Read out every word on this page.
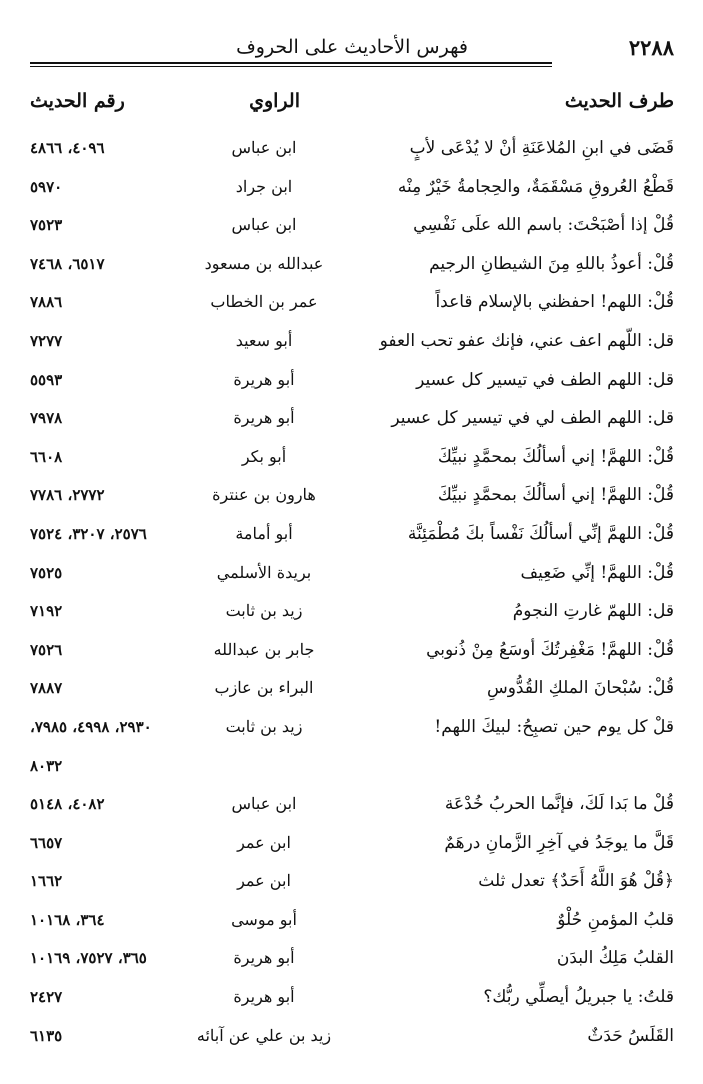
٢٢٨٨
فهرس الأحاديث على الحروف
طرف الحديث
الراوي
رقم الحديث
قَضَى في ابنِ المُلاعَنَةِ أنْ لا يُدْعَى لأبٍ
ابن عباس
٤٠٩٦، ٤٨٦٦
قَطْعُ العُروقِ مَسْقَمَةٌ، والحِجامةُ خَيْرٌ مِنْه
ابن جراد
٥٩٧٠
قُلْ إذا أصْبَحْتَ: باسم الله علَى نَفْسِي
ابن عباس
٧٥٢٣
قُلْ: أعوذُ باللهِ مِنَ الشيطانِ الرجيم
عبدالله بن مسعود
٦٥١٧، ٧٤٦٨
قُلْ: اللهم! احفظني بالإسلام قاعداً
عمر بن الخطاب
٧٨٨٦
قل: اللّهم اعف عني، فإنك عفو تحب العفو
أبو سعيد
٧٢٧٧
قل: اللهم الطف في تيسير كل عسير
أبو هريرة
٥٥٩٣
قل: اللهم الطف لي في تيسير كل عسير
أبو هريرة
٧٩٧٨
قُلْ: اللهمَّ! إني أسألُكَ بمحمَّدٍ نبيِّكَ
أبو بكر
٦٦٠٨
قُلْ: اللهمَّ! إني أسألُكَ بمحمَّدٍ نبيِّكَ
هارون بن عنترة
٢٧٧٢، ٧٧٨٦
قُلْ: اللهمَّ إنِّي أسألُكَ نَفْساً بكَ مُطْمَئِنَّة
أبو أمامة
٢٥٧٦، ٣٢٠٧، ٧٥٢٤
قُلْ: اللهمَّ! إنِّي ضَعِيف
بريدة الأسلمي
٧٥٢٥
قل: اللهمّ غارتِ النجومُ
زيد بن ثابت
٧١٩٢
قُلْ: اللهمَّ! مَغْفِرتُكَ أوسَعُ مِنْ ذُنوبي
جابر بن عبدالله
٧٥٢٦
قُلْ: سُبْحانَ الملكِ القُدُّوسِ
البراء بن عازب
٧٨٨٧
قلْ كل يوم حين تصبِحُ: لبيكَ اللهم!
زيد بن ثابت
٢٩٣٠، ٤٩٩٨، ٧٩٨٥،
٨٠٣٢
قُلْ ما بَدا لَكَ، فإنَّما الحربُ خُدْعَة
ابن عباس
٤٠٨٢، ٥١٤٨
قَلَّ ما يوجَدُ في آخِرِ الزَّمانِ درهَمٌ
ابن عمر
٦٦٥٧
﴿قُلْ هُوَ اللَّهُ أَحَدٌ﴾ تعدل ثلث
ابن عمر
١٦٦٢
قلبُ المؤمنِ حُلْوٌ
أبو موسى
٣٦٤، ١٠١٦٨
القلبُ مَلِكُ البدَن
أبو هريرة
٣٦٥، ٧٥٢٧، ١٠١٦٩
قلتُ: يا جبريلُ أيصلِّي ربُّك؟
أبو هريرة
٢٤٢٧
القَلَسُ حَدَثٌ
زيد بن علي عن آبائه
٦١٣٥
